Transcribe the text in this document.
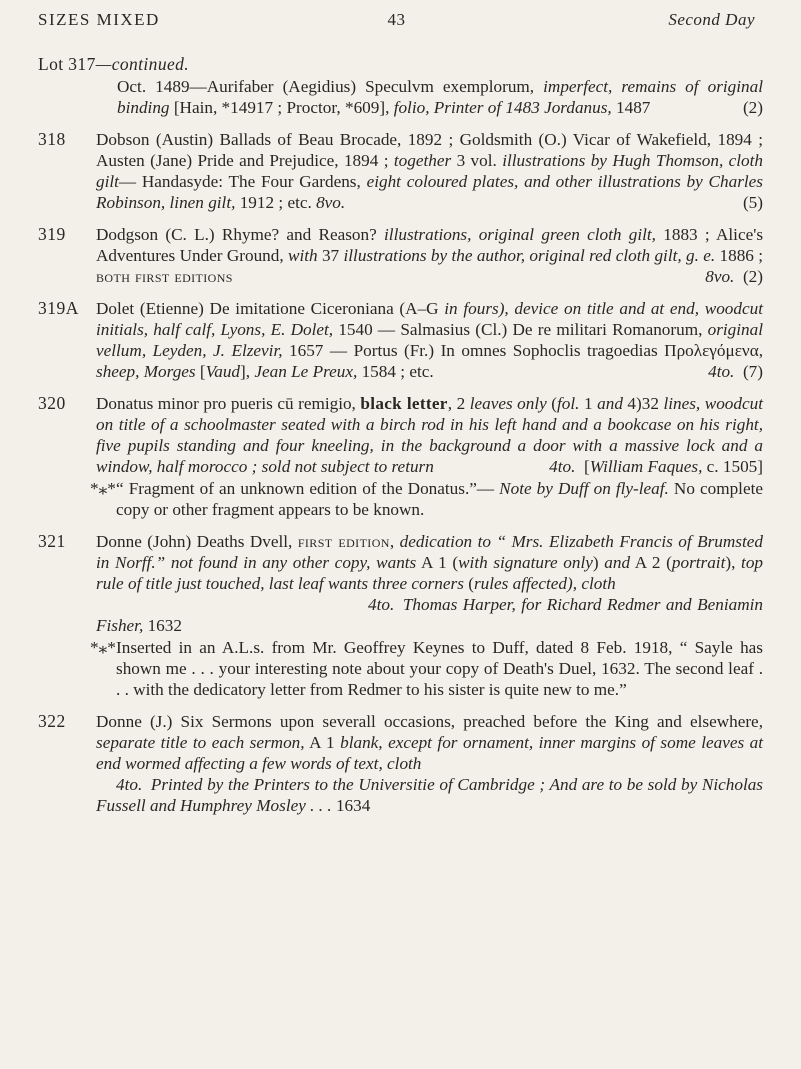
SIZES MIXED	43	Second Day
Lot 317—continued.
Oct. 1489—Aurifaber (Aegidius) Speculvm exemplorum, imperfect, remains of original binding [Hain, *14917 ; Proctor, *609], folio, Printer of 1483 Jordanus, 1487	(2)
318	Dobson (Austin) Ballads of Beau Brocade, 1892 ; Goldsmith (O.) Vicar of Wakefield, 1894 ; Austen (Jane) Pride and Prejudice, 1894 ; together 3 vol. illustrations by Hugh Thomson, cloth gilt— Handasyde: The Four Gardens, eight coloured plates, and other illustrations by Charles Robinson, linen gilt, 1912 ; etc. 8vo.	(5)
319	Dodgson (C. L.) Rhyme? and Reason? illustrations, original green cloth gilt, 1883 ; Alice's Adventures Under Ground, with 37 illustrations by the author, original red cloth gilt, g. e. 1886 ; both first editions	8vo. (2)
319A Dolet (Etienne) De imitatione Ciceroniana (A–G in fours), device on title and at end, woodcut initials, half calf, Lyons, E. Dolet, 1540 — Salmasius (Cl.) De re militari Romanorum, original vellum, Leyden, J. Elzevir, 1657 — Portus (Fr.) In omnes Sophoclis tragoedias Προλεγόμενα, sheep, Morges [Vaud], Jean Le Preux, 1584 ; etc.	4to. (7)
320	Donatus minor pro pueris cū remigio, black letter, 2 leaves only (fol. 1 and 4)32 lines, woodcut on title of a schoolmaster seated with a birch rod in his left hand and a bookcase on his right, five pupils standing and four kneeling, in the background a door with a massive lock and a window, half morocco ; sold not subject to return	4to. [William Faques, c. 1505]
*⁎*“ Fragment of an unknown edition of the Donatus.”— Note by Duff on fly-leaf. No complete copy or other fragment appears to be known.
321	Donne (John) Deaths Dvell, first edition, dedication to “ Mrs. Elizabeth Francis of Brumsted in Norff.” not found in any other copy, wants A 1 (with signature only) and A 2 (portrait), top rule of title just touched, last leaf wants three corners (rules affected), cloth
4to. Thomas Harper, for Richard Redmer and Beniamin Fisher, 1632
*⁎*Inserted in an A.L.s. from Mr. Geoffrey Keynes to Duff, dated 8 Feb. 1918, “ Sayle has shown me . . . your interesting note about your copy of Death's Duel, 1632. The second leaf . . . with the dedicatory letter from Redmer to his sister is quite new to me.”
322	Donne (J.) Six Sermons upon severall occasions, preached before the King and elsewhere, separate title to each sermon, A 1 blank, except for ornament, inner margins of some leaves at end wormed affecting a few words of text, cloth
4to. Printed by the Printers to the Universitie of Cambridge ; And are to be sold by Nicholas Fussell and Humphrey Mosley . . . 1634
